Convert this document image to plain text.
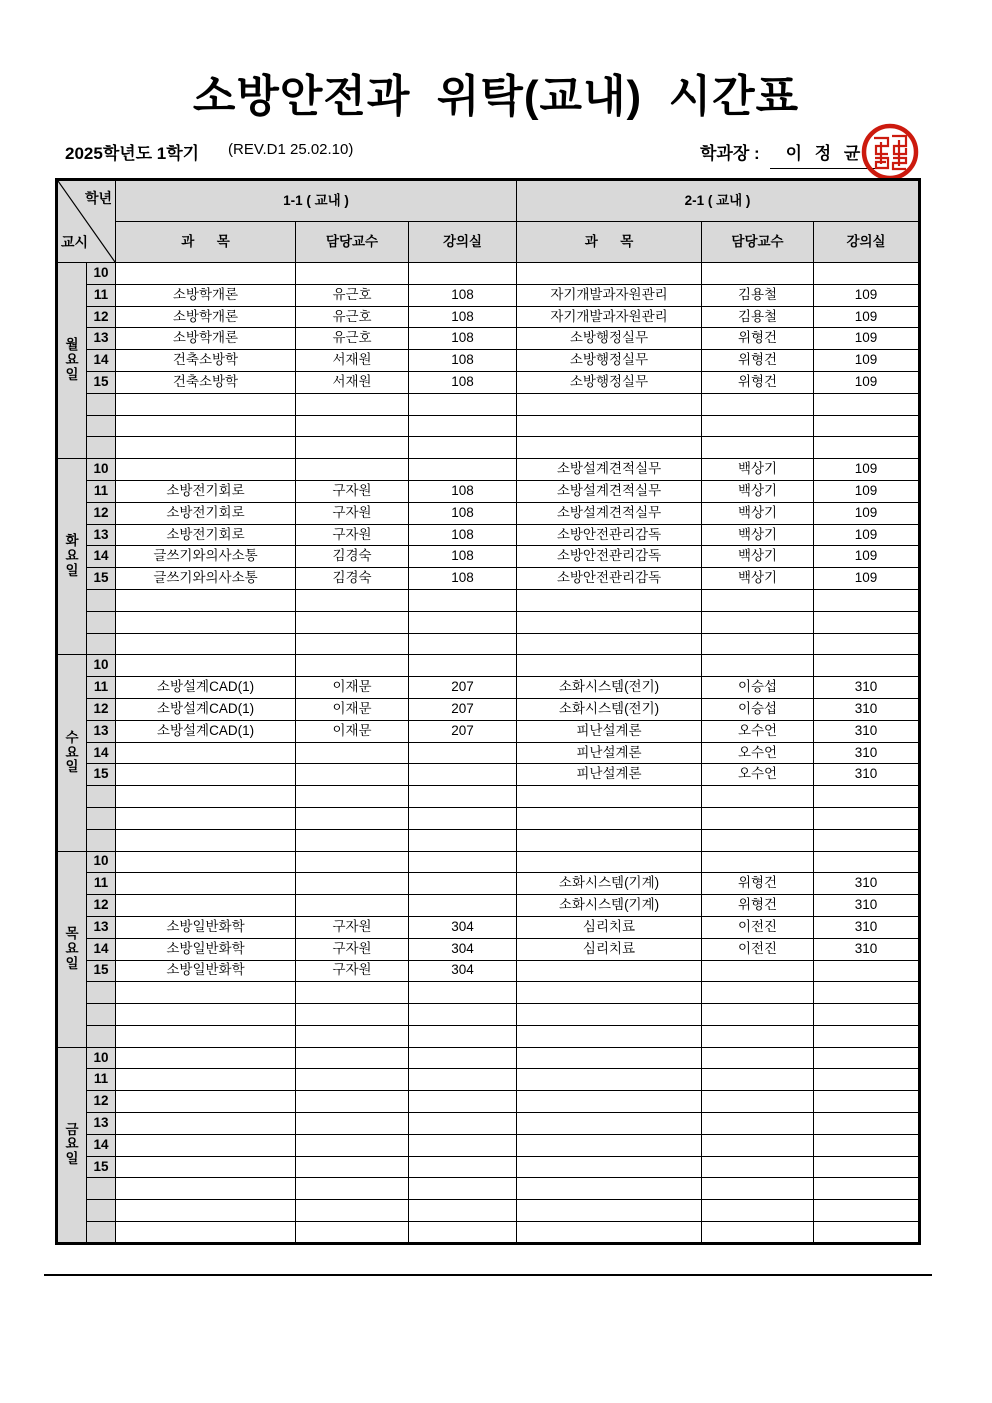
소방안전과  위탁(교내)  시간표
2025학년도 1학기 (REV.D1 25.02.10)	학과장 :	이 정 균

학년

교시		1-1 ( 교내 )			2-1 ( 교내 )		
		과      목	담당교수	강의실	과      목	담당교수	강의실

월
요
일	10						
	11	소방학개론	유근호	108	자기개발과자원관리	김용철	109
	12	소방학개론	유근호	108	자기개발과자원관리	김용철	109
	13	소방학개론	유근호	108	소방행정실무	위형건	109
	14	건축소방학	서재원	108	소방행정실무	위형건	109
	15	건축소방학	서재원	108	소방행정실무	위형건	109

화
요
일	10				소방설계견적실무	백상기	109
	11	소방전기회로	구자원	108	소방설계견적실무	백상기	109
	12	소방전기회로	구자원	108	소방설계견적실무	백상기	109
	13	소방전기회로	구자원	108	소방안전관리감독	백상기	109
	14	글쓰기와의사소통	김경숙	108	소방안전관리감독	백상기	109
	15	글쓰기와의사소통	김경숙	108	소방안전관리감독	백상기	109

수
요
일	10						
	11	소방설계CAD(1)	이재문	207	소화시스템(전기)	이승섭	310
	12	소방설계CAD(1)	이재문	207	소화시스템(전기)	이승섭	310
	13	소방설계CAD(1)	이재문	207	피난설계론	오수언	310
	14				피난설계론	오수언	310
	15				피난설계론	오수언	310

목
요
일	10						
	11				소화시스템(기계)	위형건	310
	12				소화시스템(기계)	위형건	310
	13	소방일반화학	구자원	304	심리치료	이전진	310
	14	소방일반화학	구자원	304	심리치료	이전진	310
	15	소방일반화학	구자원	304			

금
요
일	10						
	11						
	12						
	13						
	14						
	15						
